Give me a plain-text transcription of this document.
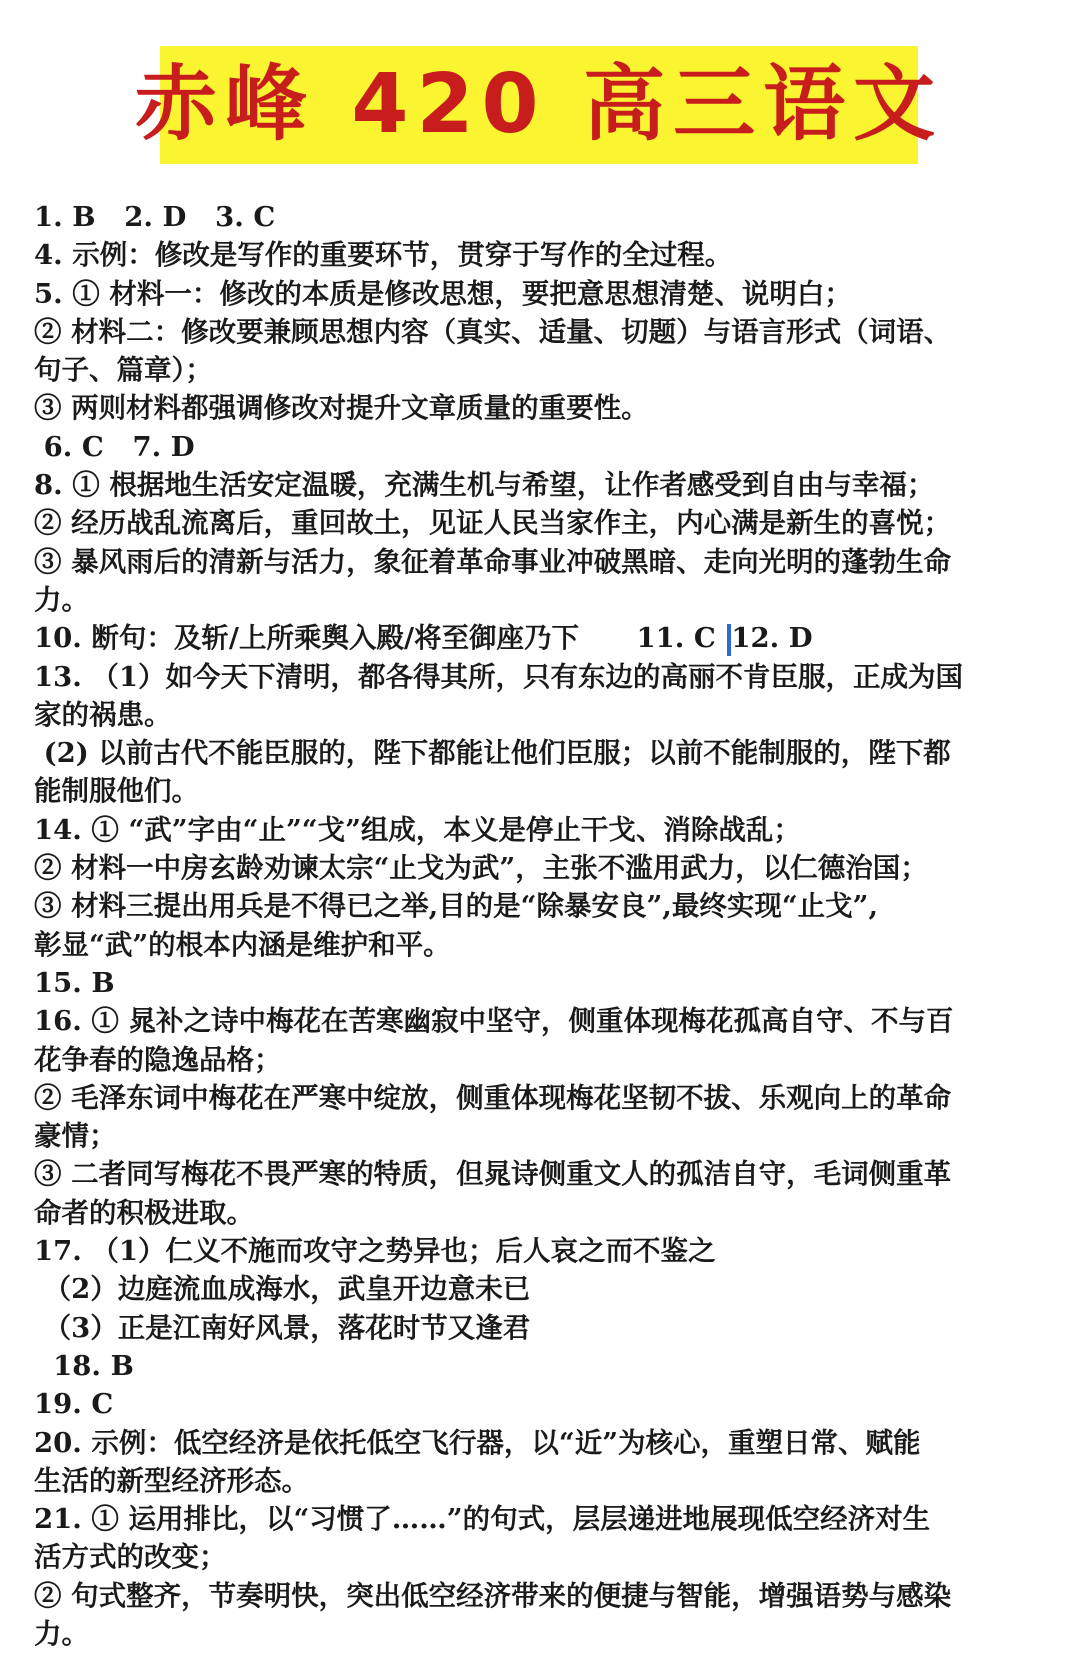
赤峰 420 高三语文
1. B   2. D   3. C
4. 示例：修改是写作的重要环节，贯穿于写作的全过程。
5. ① 材料一：修改的本质是修改思想，要把意思想清楚、说明白；
② 材料二：修改要兼顾思想内容（真实、适量、切题）与语言形式（词语、
句子、篇章）；
③ 两则材料都强调修改对提升文章质量的重要性。
6. C   7. D
8. ① 根据地生活安定温暖，充满生机与希望，让作者感受到自由与幸福；
② 经历战乱流离后，重回故土，见证人民当家作主，内心满是新生的喜悦；
③ 暴风雨后的清新与活力，象征着革命事业冲破黑暗、走向光明的蓬勃生命
力。
10. 断句：及斩/上所乘舆入殿/将至御座乃下      11. C 12. D
13. （1）如今天下清明，都各得其所，只有东边的高丽不肯臣服，正成为国
家的祸患。
(2) 以前古代不能臣服的，陛下都能让他们臣服；以前不能制服的，陛下都
能制服他们。
14. ① “武”字由“止”“戈”组成，本义是停止干戈、消除战乱；
② 材料一中房玄龄劝谏太宗“止戈为武”，主张不滥用武力，以仁德治国；
③ 材料三提出用兵是不得已之举,目的是“除暴安良”,最终实现“止戈”,
彰显“武”的根本内涵是维护和平。
15. B
16. ① 晁补之诗中梅花在苦寒幽寂中坚守，侧重体现梅花孤高自守、不与百
花争春的隐逸品格；
② 毛泽东词中梅花在严寒中绽放，侧重体现梅花坚韧不拔、乐观向上的革命
豪情；
③ 二者同写梅花不畏严寒的特质，但晁诗侧重文人的孤洁自守，毛词侧重革
命者的积极进取。
17. （1）仁义不施而攻守之势异也；后人哀之而不鉴之
（2）边庭流血成海水，武皇开边意未已
（3）正是江南好风景，落花时节又逢君
18. B
19. C
20. 示例：低空经济是依托低空飞行器，以“近”为核心，重塑日常、赋能
生活的新型经济形态。
21. ① 运用排比，以“习惯了……”的句式，层层递进地展现低空经济对生
活方式的改变；
② 句式整齐，节奏明快，突出低空经济带来的便捷与智能，增强语势与感染
力。
